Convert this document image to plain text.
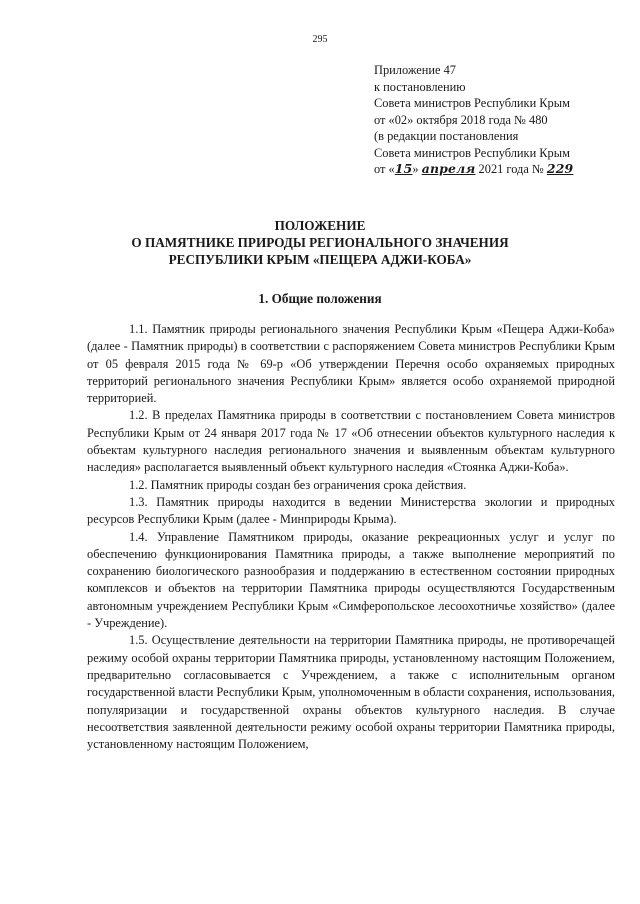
295
Приложение 47
к постановлению
Совета министров Республики Крым
от «02» октября 2018 года № 480
(в редакции постановления
Совета министров Республики Крым
от «15» апреля 2021 года № 229
ПОЛОЖЕНИЕ
О ПАМЯТНИКЕ ПРИРОДЫ РЕГИОНАЛЬНОГО ЗНАЧЕНИЯ
РЕСПУБЛИКИ КРЫМ «ПЕЩЕРА АДЖИ-КОБА»
1. Общие положения

1.1. Памятник природы регионального значения Республики Крым «Пещера Аджи-Коба» (далее - Памятник природы) в соответствии с распоряжением Совета министров Республики Крым от 05 февраля 2015 года № 69-р «Об утверждении Перечня особо охраняемых природных территорий регионального значения Республики Крым» является особо охраняемой природной территорией.

1.2. В пределах Памятника природы в соответствии с постановлением Совета министров Республики Крым от 24 января 2017 года № 17 «Об отнесении объектов культурного наследия к объектам культурного наследия регионального значения и выявленным объектам культурного наследия» располагается выявленный объект культурного наследия «Стоянка Аджи-Коба».

1.2. Памятник природы создан без ограничения срока действия.

1.3. Памятник природы находится в ведении Министерства экологии и природных ресурсов Республики Крым (далее - Минприроды Крыма).

1.4. Управление Памятником природы, оказание рекреационных услуг и услуг по обеспечению функционирования Памятника природы, а также выполнение мероприятий по сохранению биологического разнообразия и поддержанию в естественном состоянии природных комплексов и объектов на территории Памятника природы осуществляются Государственным автономным учреждением Республики Крым «Симферопольское лесоохотничье хозяйство» (далее - Учреждение).

1.5. Осуществление деятельности на территории Памятника природы, не противоречащей режиму особой охраны территории Памятника природы, установленному настоящим Положением, предварительно согласовывается с Учреждением, а также с исполнительным органом государственной власти Республики Крым, уполномоченным в области сохранения, использования, популяризации и государственной охраны объектов культурного наследия. В случае несоответствия заявленной деятельности режиму особой охраны территории Памятника природы, установленному настоящим Положением,
